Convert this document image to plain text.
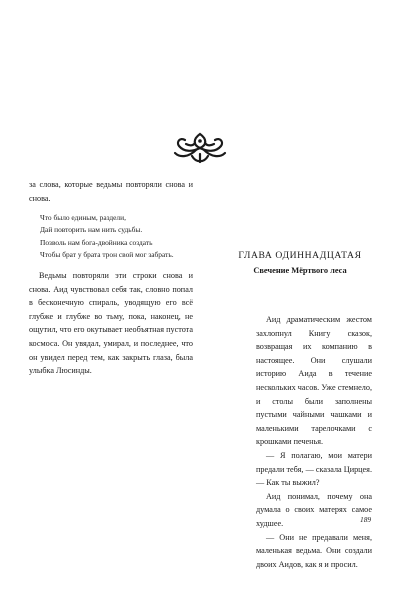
за слова, которые ведьмы повторяли снова и снова.

Что было единым, раздели,
Дай повторить нам нить судьбы.
Позволь нам бога-двойника создать
Чтобы брат у брата трон свой мог забрать.

Ведьмы повторяли эти строки снова и снова. Аид чувствовал себя так, словно попал в бесконечную спираль, уводящую его всё глубже и глубже во тьму, пока, наконец, не ощутил, что его окутывает необъятная пустота космоса. Он увядал, умирал, и последнее, что он увидел перед тем, как закрыть глаза, была улыбка Люсинды.

ГЛАВА ОДИННАДЦАТАЯ
Свечение Мёртвого леса

Аид драматическим жестом захлопнул Книгу сказок, возвращая их компанию в настоящее. Они слушали историю Аида в течение нескольких часов. Уже стемнело, и столы были заполнены пустыми чайными чашками и маленькими тарелочками с крошками печенья.

— Я полагаю, мои матери предали тебя, — сказала Цирцея. — Как ты выжил?

Аид понимал, почему она думала о своих матерях самое худшее.

— Они не предавали меня, маленькая ведьма. Они создали двоих Аидов, как я и просил.

189
